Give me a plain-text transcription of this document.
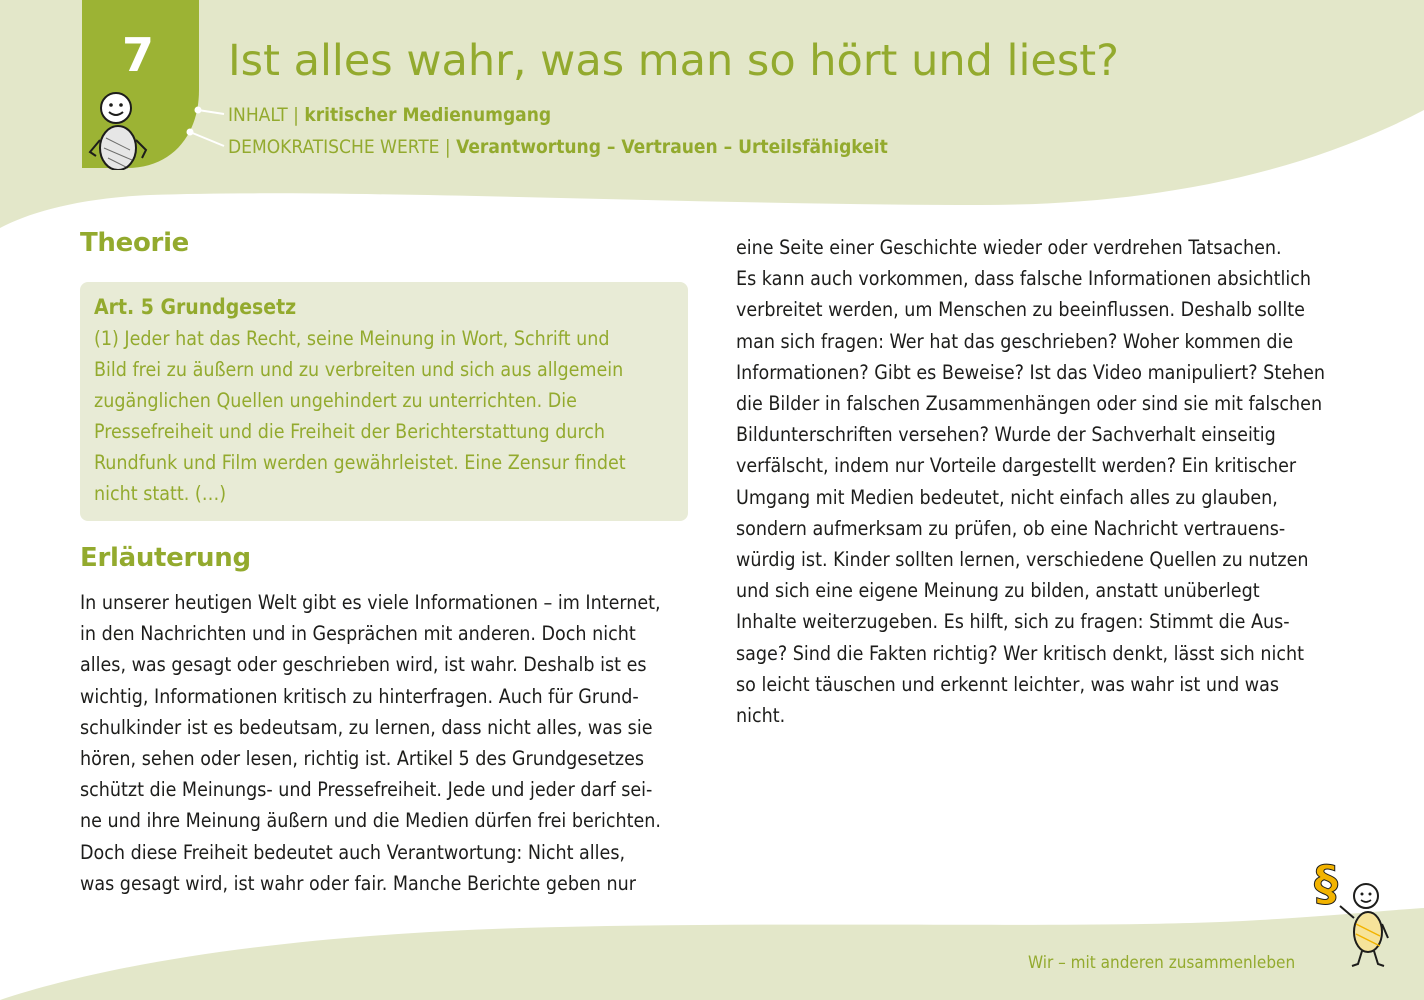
7	Ist alles wahr, was man so hört und liest?
INHALT | kritischer Medienumgang
DEMOKRATISCHE WERTE | Verantwortung – Vertrauen – Urteilsfähigkeit
Theorie
Art. 5 Grundgesetz
(1) Jeder hat das Recht, seine Meinung in Wort, Schrift und
Bild frei zu äußern und zu verbreiten und sich aus allgemein
zugänglichen Quellen ungehindert zu unterrichten. Die
Pressefreiheit und die Freiheit der Berichterstattung durch
Rundfunk und Film werden gewährleistet. Eine Zensur findet
nicht statt. (…)
Erläuterung
In unserer heutigen Welt gibt es viele Informationen – im Internet,
in den Nachrichten und in Gesprächen mit anderen. Doch nicht
alles, was gesagt oder geschrieben wird, ist wahr. Deshalb ist es
wichtig, Informationen kritisch zu hinterfragen. Auch für Grund-
schulkinder ist es bedeutsam, zu lernen, dass nicht alles, was sie
hören, sehen oder lesen, richtig ist. Artikel 5 des Grundgesetzes
schützt die Meinungs- und Pressefreiheit. Jede und jeder darf sei-
ne und ihre Meinung äußern und die Medien dürfen frei berichten.
Doch diese Freiheit bedeutet auch Verantwortung: Nicht alles,
was gesagt wird, ist wahr oder fair. Manche Berichte geben nur
eine Seite einer Geschichte wieder oder verdrehen Tatsachen.
Es kann auch vorkommen, dass falsche Informationen absichtlich
verbreitet werden, um Menschen zu beeinflussen. Deshalb sollte
man sich fragen: Wer hat das geschrieben? Woher kommen die
Informationen? Gibt es Beweise? Ist das Video manipuliert? Stehen
die Bilder in falschen Zusammenhängen oder sind sie mit falschen
Bildunterschriften versehen? Wurde der Sachverhalt einseitig
verfälscht, indem nur Vorteile dargestellt werden? Ein kritischer
Umgang mit Medien bedeutet, nicht einfach alles zu glauben,
sondern aufmerksam zu prüfen, ob eine Nachricht vertrauens-
würdig ist. Kinder sollten lernen, verschiedene Quellen zu nutzen
und sich eine eigene Meinung zu bilden, anstatt unüberlegt
Inhalte weiterzugeben. Es hilft, sich zu fragen: Stimmt die Aus-
sage? Sind die Fakten richtig? Wer kritisch denkt, lässt sich nicht
so leicht täuschen und erkennt leichter, was wahr ist und was
nicht.
§
Wir – mit anderen zusammenleben
